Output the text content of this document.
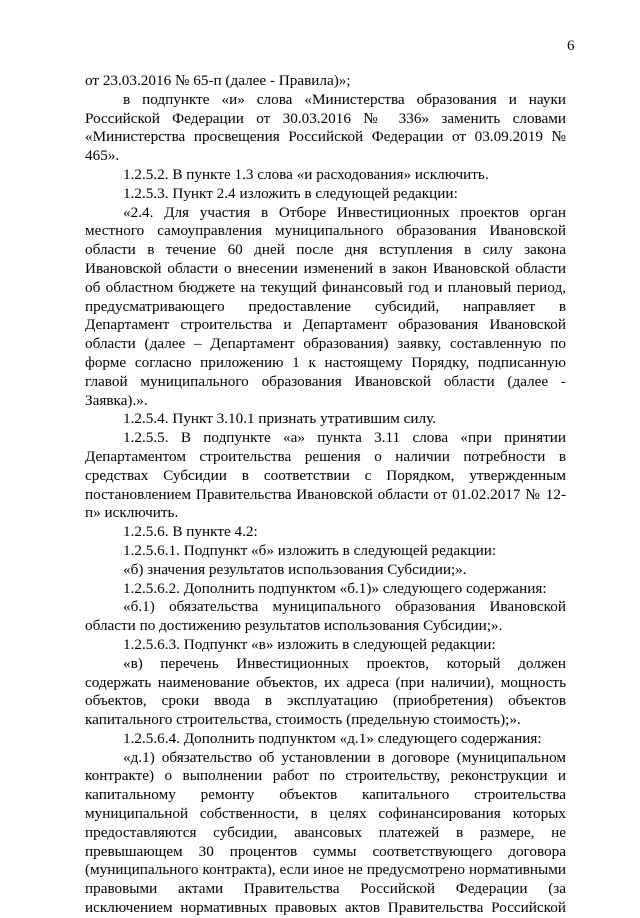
6

от 23.03.2016 № 65-п (далее - Правила)»;

в подпункте «и» слова «Министерства образования и науки Российской Федерации от 30.03.2016 № 336» заменить словами «Министерства просвещения Российской Федерации от 03.09.2019 № 465».

1.2.5.2. В пункте 1.3 слова «и расходования» исключить.

1.2.5.3. Пункт 2.4 изложить в следующей редакции:

«2.4. Для участия в Отборе Инвестиционных проектов орган местного самоуправления муниципального образования Ивановской области в течение 60 дней после дня вступления в силу закона Ивановской области о внесении изменений в закон Ивановской области об областном бюджете на текущий финансовый год и плановый период, предусматривающего предоставление субсидий, направляет в Департамент строительства и Департамент образования Ивановской области (далее – Департамент образования) заявку, составленную по форме согласно приложению 1 к настоящему Порядку, подписанную главой муниципального образования Ивановской области (далее - Заявка).».

1.2.5.4. Пункт 3.10.1 признать утратившим силу.

1.2.5.5. В подпункте «а» пункта 3.11 слова «при принятии Департаментом строительства решения о наличии потребности в средствах Субсидии в соответствии с Порядком, утвержденным постановлением Правительства Ивановской области от 01.02.2017 № 12-п» исключить.

1.2.5.6. В пункте 4.2:

1.2.5.6.1. Подпункт «б» изложить в следующей редакции:

«б) значения результатов использования Субсидии;».

1.2.5.6.2. Дополнить подпунктом «б.1)» следующего содержания:

«б.1) обязательства муниципального образования Ивановской области по достижению результатов использования Субсидии;».

1.2.5.6.3. Подпункт «в» изложить в следующей редакции:

«в) перечень Инвестиционных проектов, который должен содержать наименование объектов, их адреса (при наличии), мощность объектов, сроки ввода в эксплуатацию (приобретения) объектов капитального строительства, стоимость (предельную стоимость);».

1.2.5.6.4. Дополнить подпунктом «д.1» следующего содержания:

«д.1) обязательство об установлении в договоре (муниципальном контракте) о выполнении работ по строительству, реконструкции и капитальному ремонту объектов капитального строительства муниципальной собственности, в целях софинансирования которых предоставляются субсидии, авансовых платежей в размере, не превышающем 30 процентов суммы соответствующего договора (муниципального контракта), если иное не предусмотрено нормативными правовыми актами Правительства Российской Федерации (за исключением нормативных правовых актов Правительства Российской
